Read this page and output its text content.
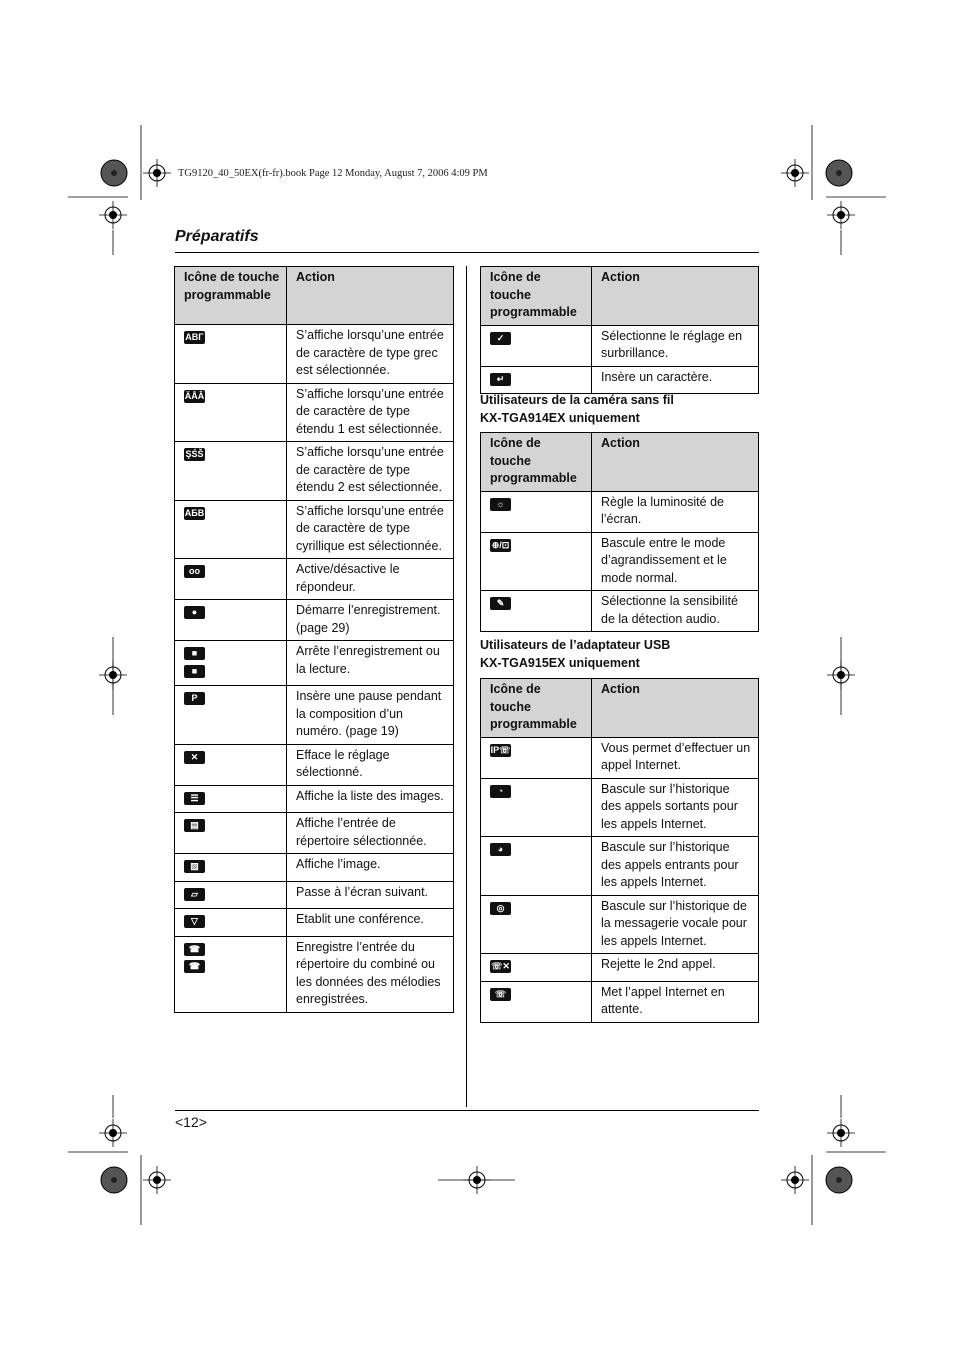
TG9120_40_50EX(fr-fr).book Page 12 Monday, August 7, 2006 4:09 PM
Préparatifs
Icône de touche programmable	Action
ΑΒΓ	S’affiche lorsqu’une entrée de caractère de type grec est sélectionnée.
ÄÅÂ	S’affiche lorsqu’une entrée de caractère de type étendu 1 est sélectionnée.
ŞŚŠ	S’affiche lorsqu’une entrée de caractère de type étendu 2 est sélectionnée.
АБВ	S’affiche lorsqu’une entrée de caractère de type cyrillique est sélectionnée.
oo	Active/désactive le répondeur.
●	Démarre l’enregistrement. (page 29)
■
■	Arrête l’enregistrement ou la lecture.
P	Insère une pause pendant la composition d’un numéro. (page 19)
✕	Efface le réglage sélectionné.
☰	Affiche la liste des images.
▤	Affiche l’entrée de répertoire sélectionnée.
▨	Affiche l’image.
▱	Passe à l’écran suivant.
▽	Etablit une conférence.
☎
☎	Enregistre l’entrée du répertoire du combiné ou les données des mélodies enregistrées.
Icône de touche programmable	Action
✓	Sélectionne le réglage en surbrillance.
↵	Insère un caractère.
Utilisateurs de la caméra sans fil
KX-TGA914EX uniquement
Icône de touche programmable	Action
☼	Règle la luminosité de l’écran.
⊕/⊡	Bascule entre le mode d’agrandissement et le mode normal.
✎	Sélectionne la sensibilité de la détection audio.
Utilisateurs de l’adaptateur USB
KX-TGA915EX uniquement
Icône de touche programmable	Action
IP☏	Vous permet d’effectuer un appel Internet.
◔	Bascule sur l’historique des appels sortants pour les appels Internet.
◕	Bascule sur l’historique des appels entrants pour les appels Internet.
◎	Bascule sur l’historique de la messagerie vocale pour les appels Internet.
☏✕	Rejette le 2nd appel.
☏	Met l’appel Internet en attente.
<12>
